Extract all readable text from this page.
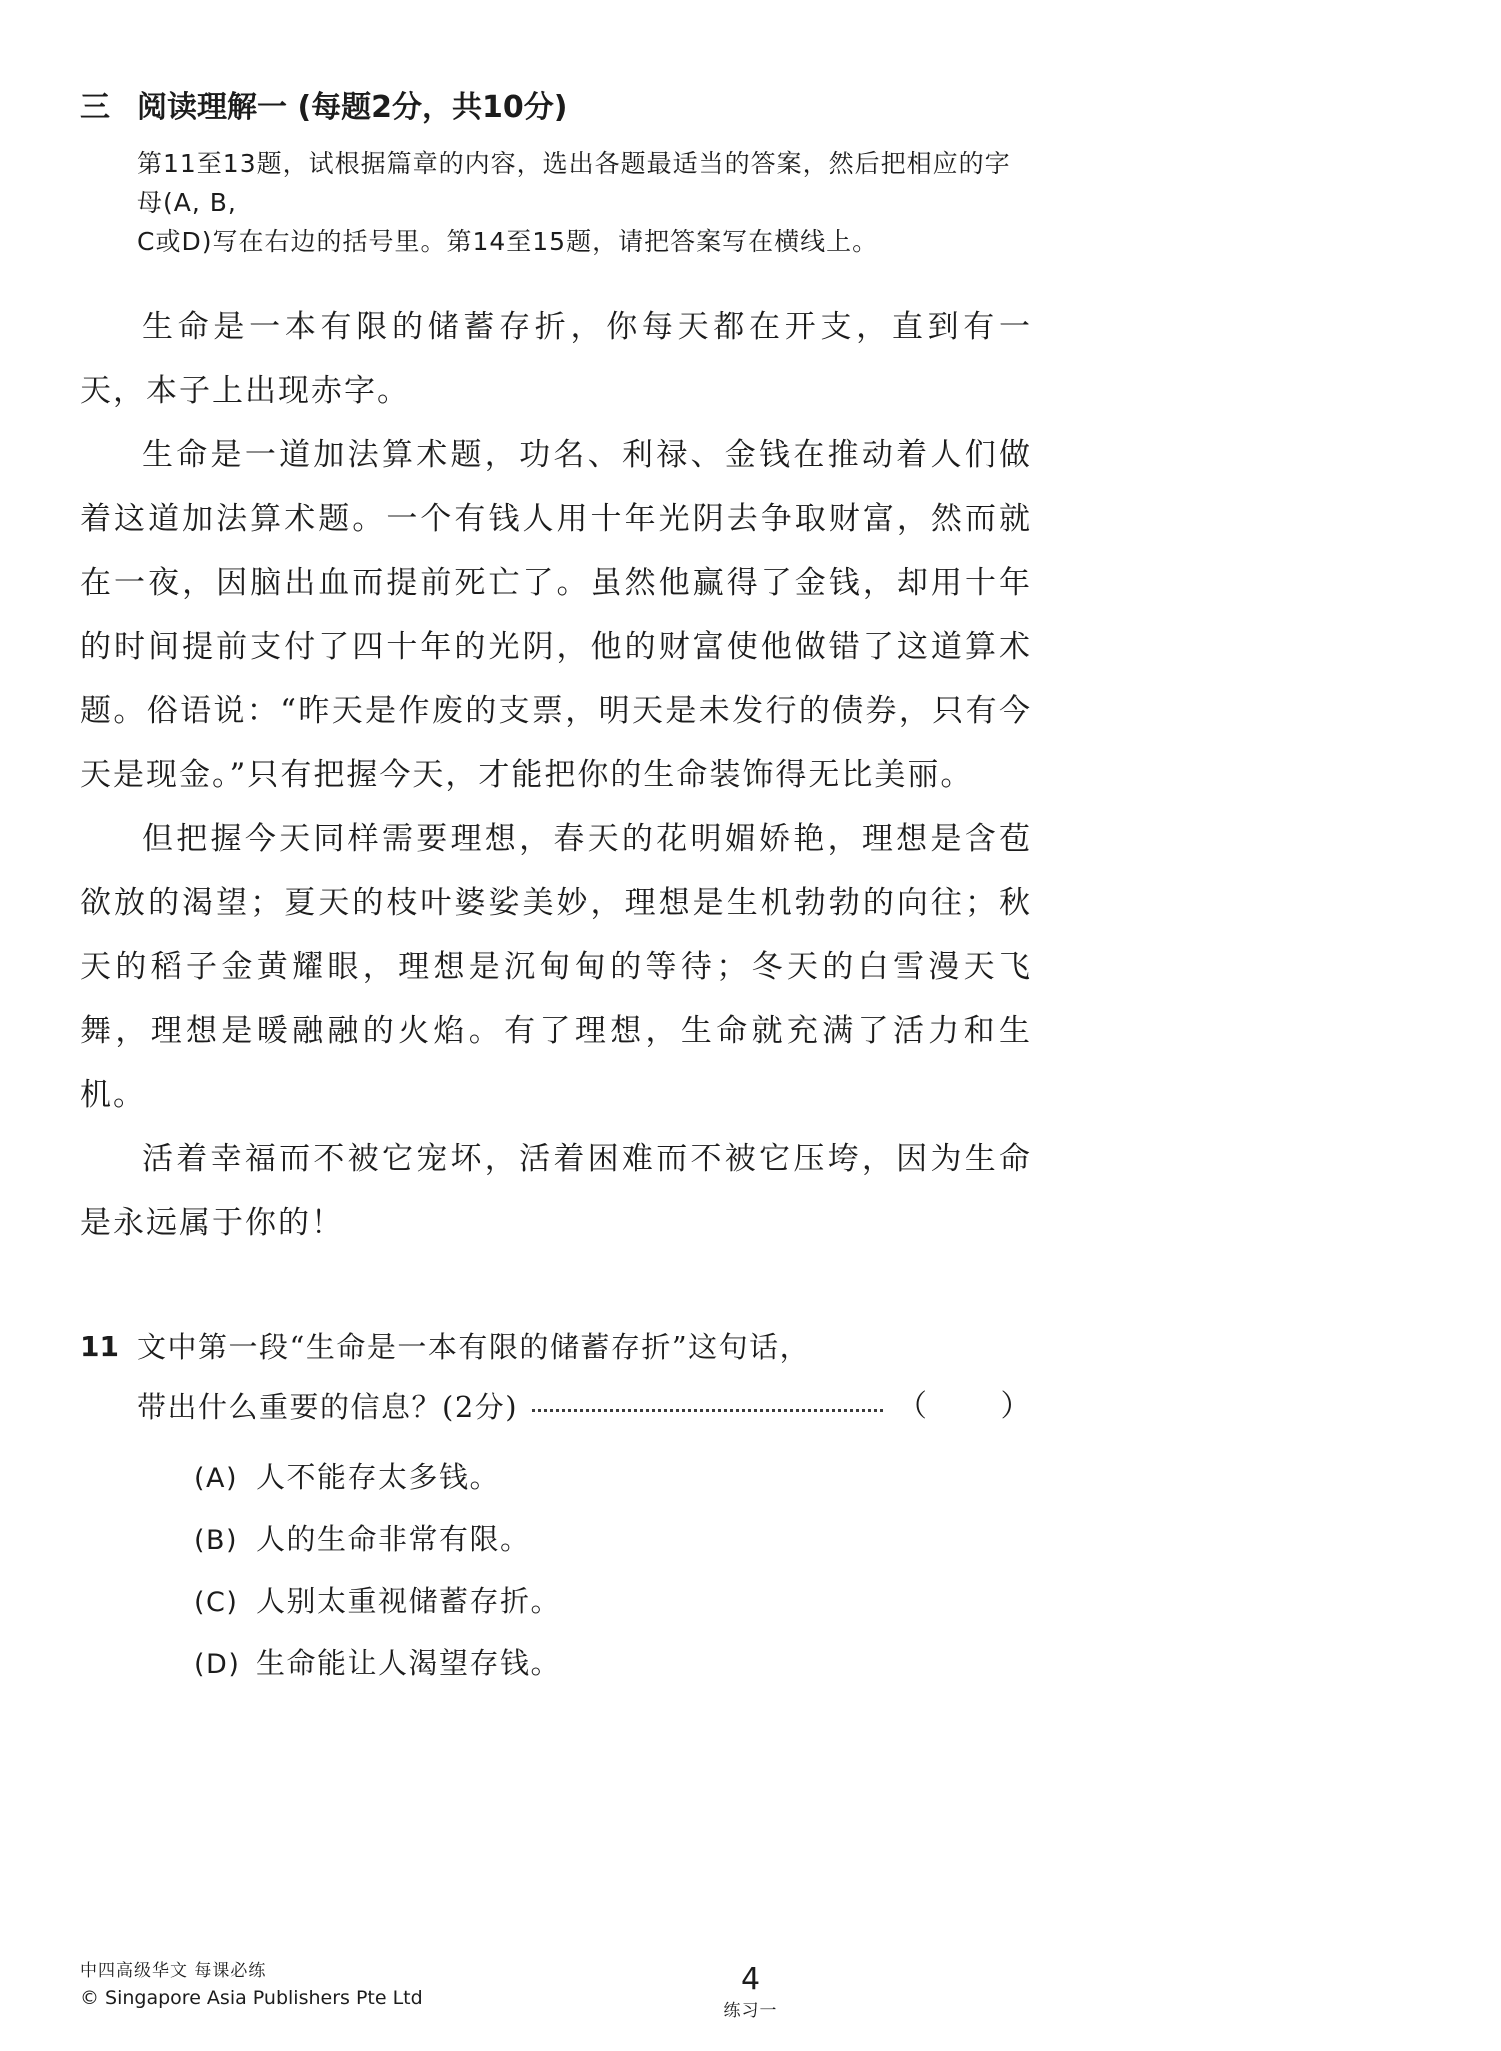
三 阅读理解一 (每题2分，共10分)
第11至13题，试根据篇章的内容，选出各题最适当的答案，然后把相应的字母(A, B,
C或D)写在右边的括号里。第14至15题，请把答案写在横线上。

生命是一本有限的储蓄存折，你每天都在开支，直到有一天，本子上出现赤字。

生命是一道加法算术题，功名、利禄、金钱在推动着人们做着这道加法算术题。一个有钱人用十年光阴去争取财富，然而就在一夜，因脑出血而提前死亡了。虽然他赢得了金钱，却用十年的时间提前支付了四十年的光阴，他的财富使他做错了这道算术题。俗语说：“昨天是作废的支票，明天是未发行的债券，只有今天是现金。”只有把握今天，才能把你的生命装饰得无比美丽。

但把握今天同样需要理想，春天的花明媚娇艳，理想是含苞欲放的渴望；夏天的枝叶婆娑美妙，理想是生机勃勃的向往；秋天的稻子金黄耀眼，理想是沉甸甸的等待；冬天的白雪漫天飞舞，理想是暖融融的火焰。有了理想，生命就充满了活力和生机。

活着幸福而不被它宠坏，活着困难而不被它压垮，因为生命是永远属于你的！

11 文中第一段“生命是一本有限的储蓄存折”这句话，
带出什么重要的信息？(2分)	（ ）
(A) 人不能存太多钱。
(B) 人的生命非常有限。
(C) 人别太重视储蓄存折。
(D) 生命能让人渴望存钱。
中四高级华文 每课必练
© Singapore Asia Publishers Pte Ltd
4
练习一
